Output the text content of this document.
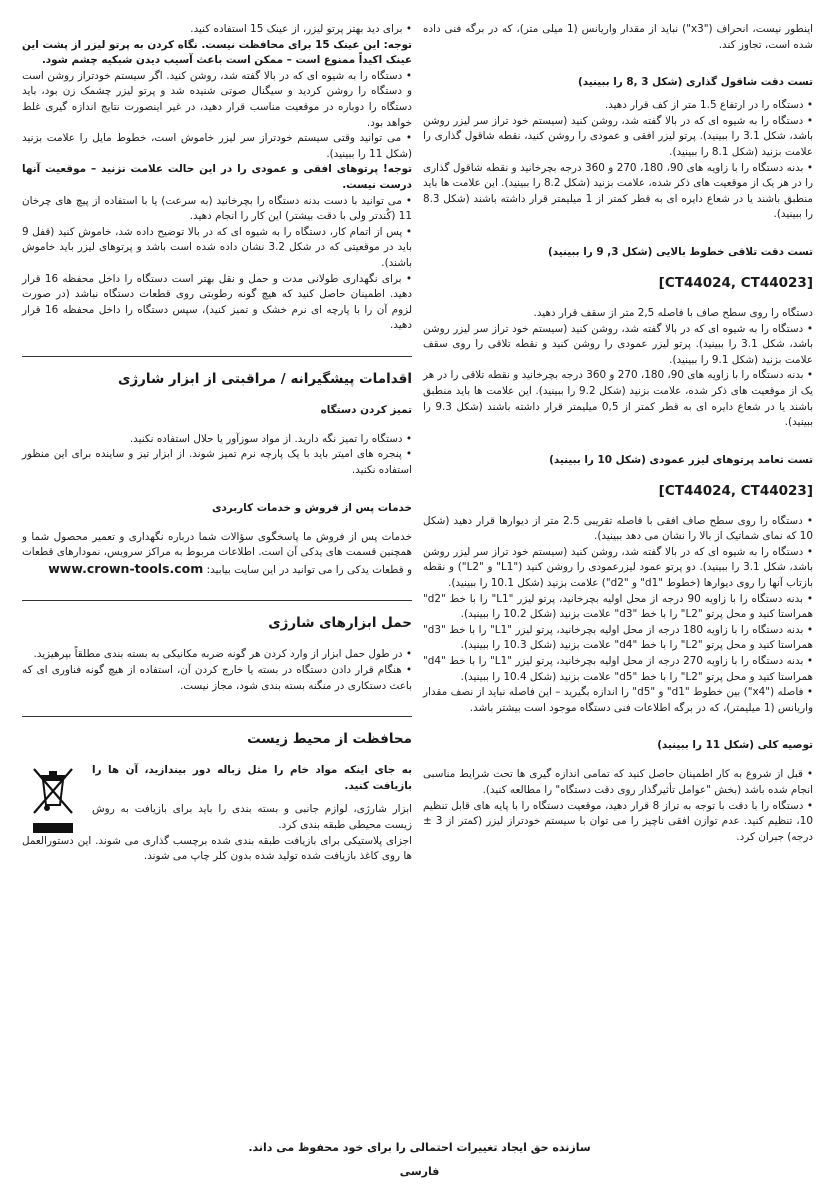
اینطور نیست، انحراف ("x3") نباید از مقدار واریانس (1 میلی متر)، که در برگه فنی داده شده است، تجاوز کند.

تست دقت شاقول گذاری (شکل 3 ,8 را ببینید)

• دستگاه را در ارتفاع 1.5 متر از کف قرار دهید.

• دستگاه را به شیوه ای که در بالا گفته شد، روشن کنید (سیستم خود تراز سر لیزر روشن باشد، شکل 3.1 را ببینید). پرتو لیزر افقی و عمودی را روشن کنید، نقطه شاقول گذاری را علامت بزنید (شکل 8.1 را ببینید).

• بدنه دستگاه را با زاویه های 90، 180، 270 و 360 درجه بچرخانید و نقطه شاقول گذاری را در هر یک از موقعیت های ذکر شده، علامت بزنید (شکل 8.2 را ببینید). این علامت ها باید منطبق باشند یا در شعاع دایره ای به قطر کمتر از 1 میلیمتر قرار داشته باشند (شکل 8.3 را ببینید).

تست دقت تلاقی خطوط بالایی (شکل 3, 9 را ببینید)

[CT44024, CT44023]

دستگاه را روی سطح صاف با فاصله 2,5 متر از سقف قرار دهید.

• دستگاه را به شیوه ای که در بالا گفته شد، روشن کنید (سیستم خود تراز سر لیزر روشن باشد، شکل 3.1 را ببینید). پرتو لیزر عمودی را روشن کنید و نقطه تلاقی را روی سقف علامت بزنید (شکل 9.1 را ببینید).

• بدنه دستگاه را با زاویه های 90، 180، 270 و 360 درجه بچرخانید و نقطه تلاقی را در هر یک از موقعیت های ذکر شده، علامت بزنید (شکل 9.2 را ببینید). این علامت ها باید منطبق باشند یا در شعاع دایره ای به قطر کمتر از 0,5 میلیمتر قرار داشته باشند (شکل 9.3 را ببینید).

تست تعامد پرتوهای لیزر عمودی (شکل 10 را ببینید)

[CT44024, CT44023]

• دستگاه را روی سطح صاف افقی با فاصله تقریبی 2.5 متر از دیوارها قرار دهید (شکل 10 که نمای شماتیک از بالا را نشان می دهد ببینید).

• دستگاه را به شیوه ای که در بالا گفته شد، روشن کنید (سیستم خود تراز سر لیزر روشن باشد، شکل 3.1 را ببینید). دو پرتو عمود لیزرعمودی را روشن کنید ("L1" و "L2") و نقطه بازتاب آنها را روی دیوارها (خطوط "d1" و "d2") علامت بزنید (شکل 10.1 را ببینید).

• بدنه دستگاه را با زاویه 90 درجه از محل اولیه بچرخانید، پرتو لیزر "L1" را با خط "d2" همراستا کنید و محل پرتو "L2" را با خط "d3" علامت بزنید (شکل 10.2 را ببینید).

• بدنه دستگاه را با زاویه 180 درجه از محل اولیه بچرخانید، پرتو لیزر "L1" را با خط "d3" همراستا کنید و محل پرتو "L2" را با خط "d4" علامت بزنید (شکل 10.3 را ببینید).

• بدنه دستگاه را با زاویه 270 درجه از محل اولیه بچرخانید، پرتو لیزر "L1" را با خط "d4" همراستا کنید و محل پرتو "L2" را با خط "d5" علامت بزنید (شکل 10.4 را ببینید).

• فاصله ("x4") بین خطوط "d1" و "d5" را اندازه بگیرید – این فاصله نباید از نصف مقدار واریانس (1 میلیمتر)، که در برگه اطلاعات فنی دستگاه موجود است بیشتر باشد.

توصیه کلی (شکل 11 را ببینید)

• قبل از شروع به کار اطمینان حاصل کنید که تمامی اندازه گیری ها تحت شرایط مناسبی انجام شده باشد (بخش "عوامل تأثیرگذار روی دقت دستگاه" را مطالعه کنید).

• دستگاه را با دقت با توجه به تراز 8 قرار دهید، موقعیت دستگاه را با پایه های قابل تنظیم 10، تنظیم کنید. عدم توازن افقی ناچیز را می توان با سیستم خودتراز لیزر (کمتر از 3 ± درجه) جبران کرد.

• برای دید بهتر پرتو لیزر، از عینک 15 استفاده کنید.

توجه: این عینک 15 برای محافظت نیست. نگاه کردن به پرتو لیزر از پشت این عینک اکیداً ممنوع است – ممکن است باعث آسیب دیدن شبکیه چشم شود.

• دستگاه را به شیوه ای که در بالا گفته شد، روشن کنید. اگر سیستم خودتراز روشن است و دستگاه را روشن کردید و سیگنال صوتی شنیده شد و پرتو لیزر چشمک زن بود، باید دستگاه را دوباره در موقعیت مناسب قرار دهید، در غیر اینصورت نتایج اندازه گیری غلط خواهد بود.

• می توانید وقتی سیستم خودتراز سر لیزر خاموش است، خطوط مایل را علامت بزنید (شکل 11 را ببینید).

توجه! پرتوهای افقی و عمودی را در این حالت علامت نزنید – موقعیت آنها درست نیست.

• می توانید با دست بدنه دستگاه را بچرخانید (به سرعت) یا با استفاده از پیچ های چرخان 11 (کُندتر ولی با دقت بیشتر) این کار را انجام دهید.

• پس از اتمام کار، دستگاه را به شیوه ای که در بالا توضیح داده شد، خاموش کنید (قفل 9 باید در موقعیتی که در شکل 3.2 نشان داده شده است باشد و پرتوهای لیزر باید خاموش باشند).

• برای نگهداری طولانی مدت و حمل و نقل بهتر است دستگاه را داخل محفظه 16 قرار دهید. اطمینان حاصل کنید که هیچ گونه رطوبتی روی قطعات دستگاه نباشد (در صورت لزوم آن را با پارچه ای نرم خشک و تمیز کنید)، سپس دستگاه را داخل محفظه 16 قرار دهید.

اقدامات پیشگیرانه / مراقبتی از ابزار شارژی

تمیز کردن دستگاه

• دستگاه را تمیز نگه دارید. از مواد سوزآور یا حلال استفاده نکنید.

• پنجره های امیتر باید با یک پارچه نرم تمیز شوند. از ابزار تیز و ساینده برای این منظور استفاده نکنید.

خدمات پس از فروش و خدمات کاربردی

خدمات پس از فروش ما پاسخگوی سؤالات شما درباره نگهداری و تعمیر محصول شما و همچنین قسمت های یدکی آن است. اطلاعات مربوط به مراکز سرویس، نمودارهای قطعات و قطعات یدکی را می توانید در این سایت بیابید: www.crown-tools.com

حمل ابزارهای شارژی

• در طول حمل ابزار از وارد کردن هر گونه ضربه مکانیکی به بسته بندی مطلقاً بپرهیزید.

• هنگام قرار دادن دستگاه در بسته یا خارج کردن آن، استفاده از هیچ گونه فناوری ای که باعث دستکاری در منگنه بسته بندی شود، مجاز نیست.

محافظت از محیط زیست

به جای اینکه مواد خام را مثل زباله دور بیندازید، آن ها را بازیافت کنید.

ابزار شارژی، لوازم جانبی و بسته بندی را باید برای بازیافت به روش زیست محیطی طبقه بندی کرد.

اجزای پلاستیکی برای بازیافت طبقه بندی شده برچسب گذاری می شوند. این دستورالعمل ها روی کاغذ بازیافت شده تولید شده بدون کلر چاپ می شوند.

سازنده حق ایجاد تغییرات احتمالی را برای خود محفوظ می داند.
فارسی
